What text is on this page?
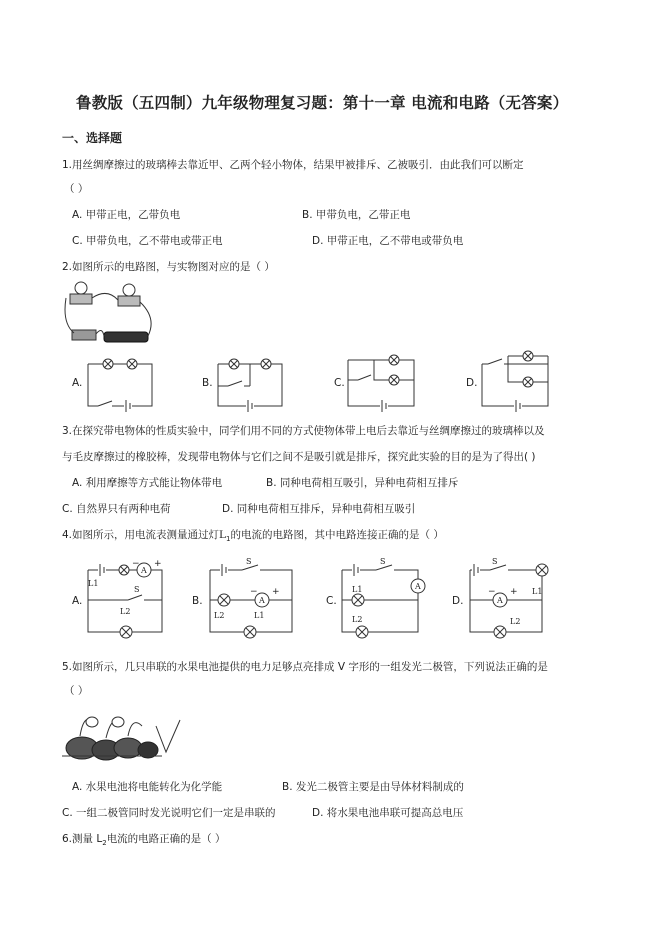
鲁教版（五四制）九年级物理复习题：第十一章 电流和电路（无答案）
一、选择题
1.用丝绸摩擦过的玻璃棒去靠近甲、乙两个轻小物体，结果甲被排斥、乙被吸引．由此我们可以断定
（ ）
A. 甲带正电，乙带负电	B. 甲带负电，乙带正电
C. 甲带负电，乙不带电或带正电	D. 甲带正电，乙不带电或带负电
2.如图所示的电路图，与实物图对应的是（ ）
A.	B.	C.	D.
3.在探究带电物体的性质实验中，同学们用不同的方式使物体带上电后去靠近与丝绸摩擦过的玻璃棒以及
与毛皮摩擦过的橡胶棒，发现带电物体与它们之间不是吸引就是排斥，探究此实验的目的是为了得出( )
A. 利用摩擦等方式能让物体带电	B. 同种电荷相互吸引，异种电荷相互排斥
C. 自然界只有两种电荷	D. 同种电荷相互排斥，异种电荷相互吸引
4.如图所示，用电流表测量通过灯$L_1$的电流的电路图，其中电路连接正确的是（ ）
A.	B.	C.	D.
A
− +
L1
L2
S
S
L2
A
− +
L1
S
A
L1
L2
S
L1
A
− +
L2
5.如图所示，几只串联的水果电池提供的电力足够点亮排成 V 字形的一组发光二极管，下列说法正确的是
（ ）
A. 水果电池将电能转化为化学能	B. 发光二极管主要是由导体材料制成的
C. 一组二极管同时发光说明它们一定是串联的	D. 将水果电池串联可提高总电压
6.测量 $L_2$电流的电路正确的是（ ）
